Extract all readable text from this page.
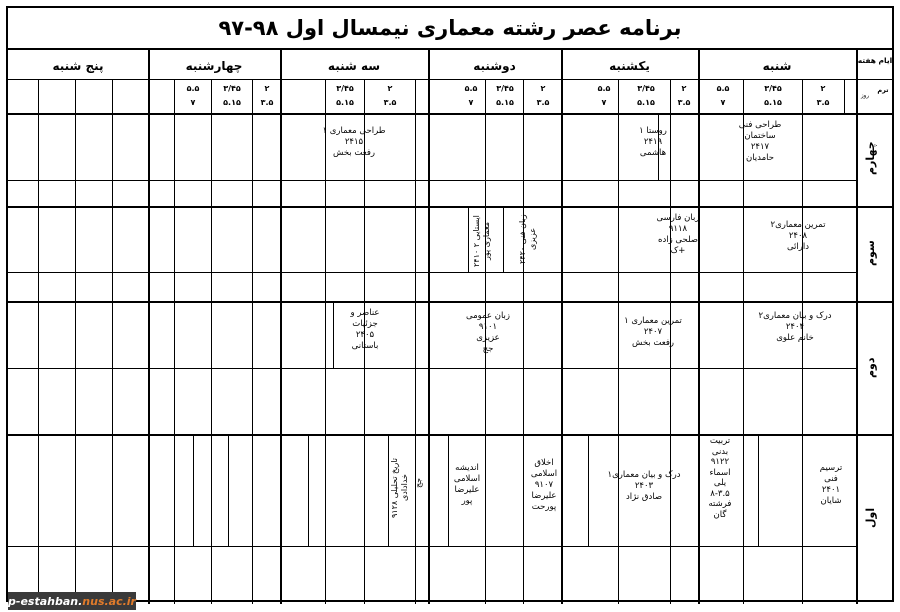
برنامه عصر رشته معماری نیمسال اول ۹۸-۹۷
ایام هفته
ترم
روز
شنبه
یکشنبه
دوشنبه
سه شنبه
چهارشنبه
پنج شنبه
۲
۳.۵
۳/۴۵
۵.۱۵
۵.۵
۷
۲
۳.۵
۳/۴۵
۵.۱۵
۵.۵
۷
۲
۳.۵
۳/۴۵
۵.۱۵
۵.۵
۷
۲
۳.۵
۳/۴۵
۵.۱۵
۲
۳.۵
۳/۴۵
۵.۱۵
۵.۵
۷
چهارم
سوم
دوم
اول
طراحی فنی
ساختمان
۲۴۱۷
حامدیان
روستا ۱
۲۴۱۹
هاشمی
طراحی معماری ۱
۲۴۱۵
رفعت بخش
تمرین معماری۲
۲۴۰۸
دارائی
زبان فارسی
۹۱۱۸
صلحی زاده
+ک
زبان فنی ۲۴۲۰ عزیزی
ایستایی ۲ ۲۴۱۰ معماری پور
درک و بیان معماری۲
۲۴۰۴
خانم علوی
تمرین معماری ۱
۲۴۰۷
رفعت بخش
زبان عمومی
۹۱۰۱
عزیزی
جج
عناصر و
جزئیات
۲۴۰۵
باستانی
ترسیم
فنی
۲۴۰۱
شایان
تربیت
بدنی
۹۱۲۲
اسماء
یلی
۸-۳.۵
فرشته
گان
درک و بیان معماری۱
۲۴۰۳
صادق نژاد
اخلاق
اسلامی
۹۱۰۷
علیرضا
پورحت
اندیشه
اسلامی
علیرضا
پور
تاریخ تحلیلی ۹۱۲۸ خدادادی جج
p-estahban. nus.ac.ir
